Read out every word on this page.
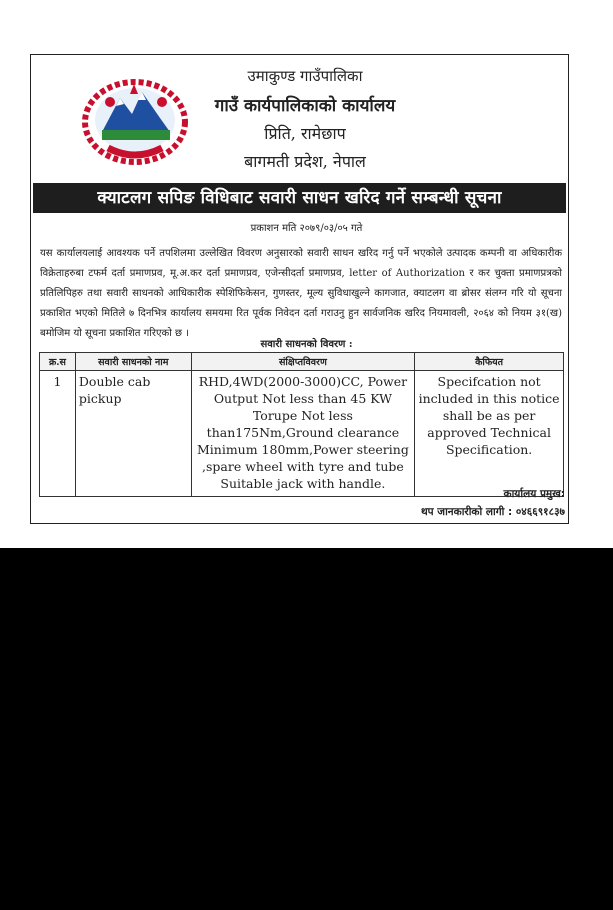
उमाकुण्ड गाउँपालिका
गाउँ कार्यपालिकाको कार्यालय
प्रिति, रामेछाप
बागमती प्रदेश, नेपाल
क्याटलग सपिङ विधिबाट सवारी साधन खरिद गर्ने सम्बन्धी सूचना
प्रकाशन मति २०७९/०३/०५ गते
यस कार्यालयलाई आवश्यक पर्ने तपशिलमा उल्लेखित विवरण अनुसारको सवारी साधन खरिद गर्नु पर्ने भएकोले उत्पादक कम्पनी वा अधिकारीक विक्रेताहरुबा टफर्म दर्ता प्रमाणप्रव, मू.अ.कर दर्ता प्रमाणप्रव, एजेन्सीदर्ता प्रमाणप्रव, letter of Authorization र कर चुक्ता प्रमाणप्रत्रको प्रतिलिपिहरु तथा सवारी साधनको आधिकारीक स्पेशिफिकेसन, गुणस्तर, मूल्य सुविधाखुल्ने कागजात, क्याटलग वा ब्रोसर संलग्न गरि यो सूचना प्रकाशित भएको मितिले ७ दिनभित्र कार्यालय समयमा रित पूर्वक निवेदन दर्ता गराउनु हुन सार्वजनिक खरिद नियमावली, २०६४ को नियम ३१(ख) बमोजिम यो सूचना प्रकाशित गरिएको छ ।
सवारी साधनको विवरण :
क्र.स	सवारी साधनको नाम	संक्षिप्तविवरण	कैफियत
1	Double cab pickup	RHD,4WD(2000-3000)CC, Power Output Not less than 45 KW Torupe Not less than175Nm,Ground clearance Minimum 180mm,Power steering ,spare wheel with tyre and tube Suitable jack with handle.	Specifcation not included in this notice shall be as per approved Technical Specification.
कार्यालय प्रमुख:
थप जानकारीको लागी : ०४६६९१८३७
